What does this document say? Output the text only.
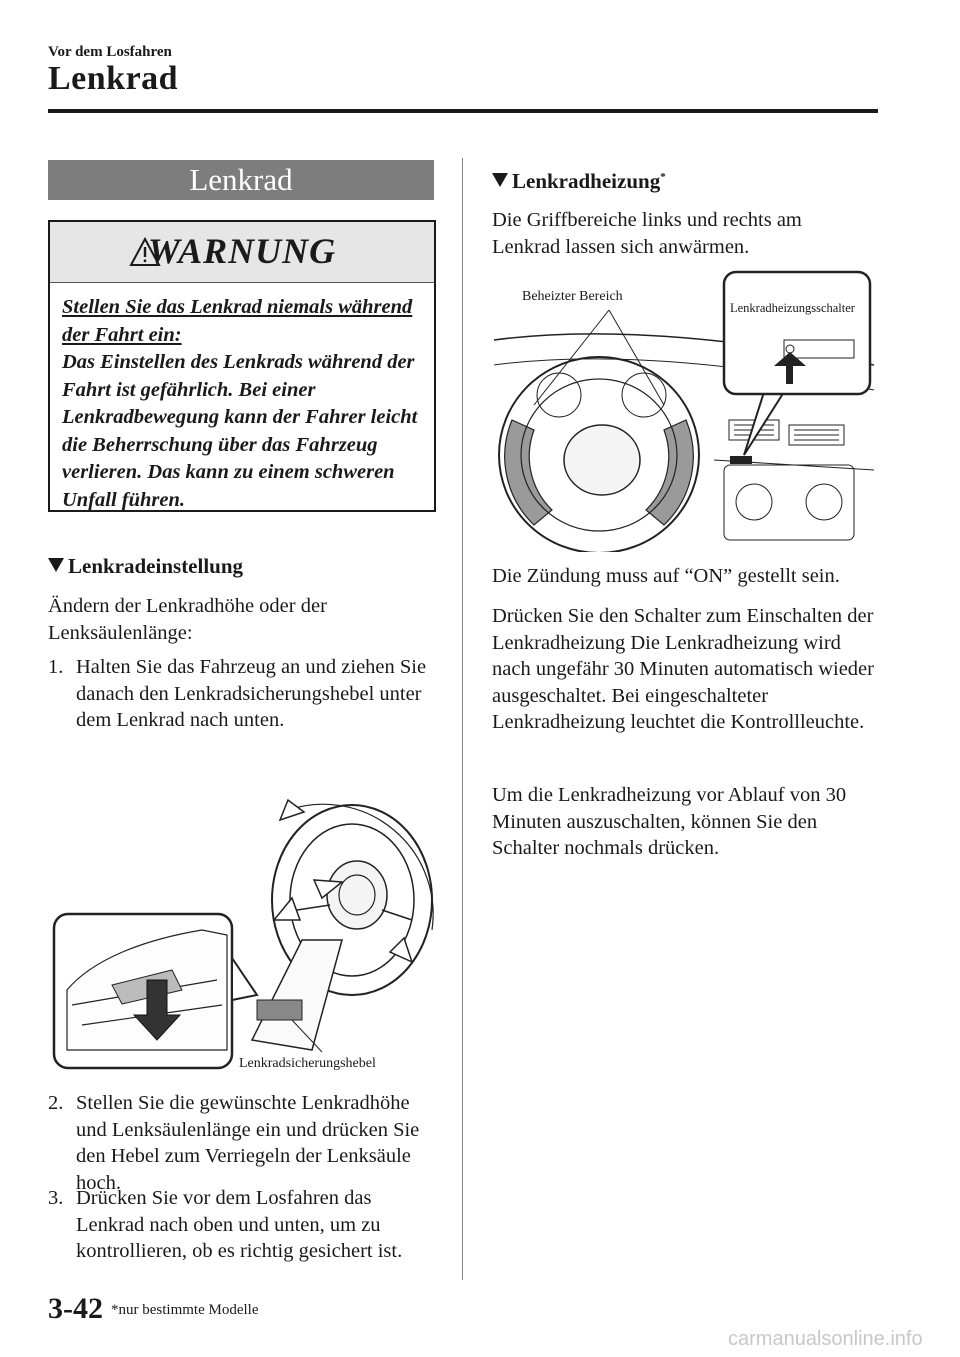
Vor dem Losfahren
Lenkrad
Lenkrad
WARNUNG
Stellen Sie das Lenkrad niemals während der Fahrt ein:
Das Einstellen des Lenkrads während der Fahrt ist gefährlich. Bei einer Lenkradbewegung kann der Fahrer leicht die Beherrschung über das Fahrzeug verlieren. Das kann zu einem schweren Unfall führen.
Lenkradeinstellung
Ändern der Lenkradhöhe oder der Lenksäulenlänge:
1. Halten Sie das Fahrzeug an und ziehen Sie danach den Lenkradsicherungshebel unter dem Lenkrad nach unten.
Lenkradsicherungshebel
2. Stellen Sie die gewünschte Lenkradhöhe und Lenksäulenlänge ein und drücken Sie den Hebel zum Verriegeln der Lenksäule hoch.
3. Drücken Sie vor dem Losfahren das Lenkrad nach oben und unten, um zu kontrollieren, ob es richtig gesichert ist.
Lenkradheizung*
Die Griffbereiche links und rechts am Lenkrad lassen sich anwärmen.
Beheizter Bereich
Lenkradheizungsschalter
Die Zündung muss auf “ON” gestellt sein.
Drücken Sie den Schalter zum Einschalten der Lenkradheizung Die Lenkradheizung wird nach ungefähr 30 Minuten automatisch wieder ausgeschaltet. Bei eingeschalteter Lenkradheizung leuchtet die Kontrollleuchte.
Um die Lenkradheizung vor Ablauf von 30 Minuten auszuschalten, können Sie den Schalter nochmals drücken.
3-42 *nur bestimmte Modelle
carmanualsonline.info
